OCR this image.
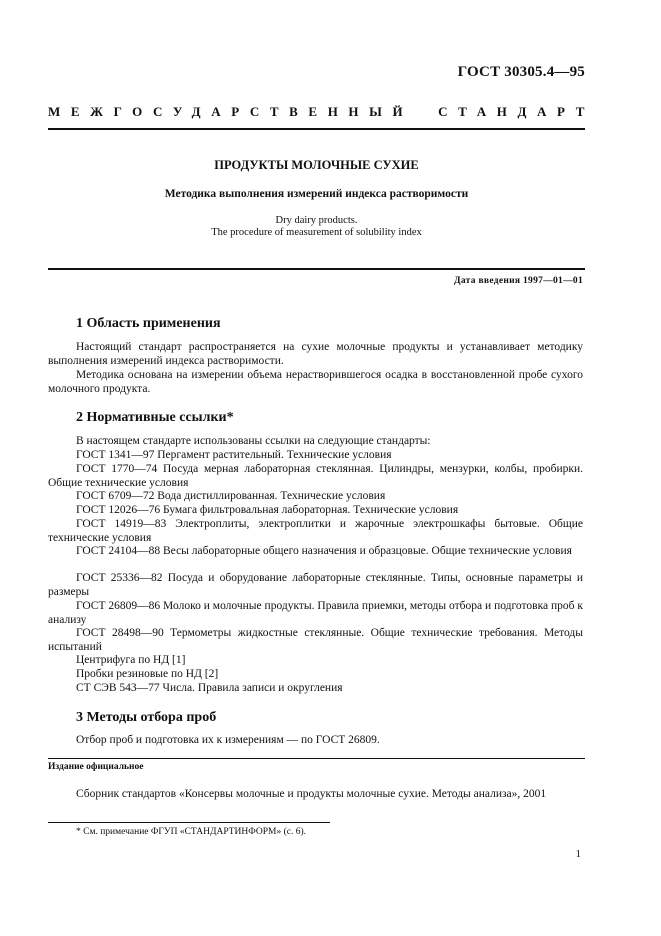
ГОСТ 30305.4—95
МЕЖГОСУДАРСТВЕННЫЙ СТАНДАРТ
ПРОДУКТЫ МОЛОЧНЫЕ СУХИЕ
Методика выполнения измерений индекса растворимости
Dry dairy products.
The procedure of measurement of solubility index
Дата введения 1997—01—01
1 Область применения
Настоящий стандарт распространяется на сухие молочные продукты и устанавливает методику выполнения измерений индекса растворимости.
Методика основана на измерении объема нерастворившегося осадка в восстановленной пробе сухого молочного продукта.
2 Нормативные ссылки*
В настоящем стандарте использованы ссылки на следующие стандарты:
ГОСТ 1341—97 Пергамент растительный. Технические условия
ГОСТ 1770—74 Посуда мерная лабораторная стеклянная. Цилиндры, мензурки, колбы, пробирки. Общие технические условия
ГОСТ 6709—72 Вода дистиллированная. Технические условия
ГОСТ 12026—76 Бумага фильтровальная лабораторная. Технические условия
ГОСТ 14919—83 Электроплиты, электроплитки и жарочные электрошкафы бытовые. Общие технические условия
ГОСТ 24104—88 Весы лабораторные общего назначения и образцовые. Общие технические условия
ГОСТ 25336—82 Посуда и оборудование лабораторные стеклянные. Типы, основные параметры и размеры
ГОСТ 26809—86 Молоко и молочные продукты. Правила приемки, методы отбора и подготовка проб к анализу
ГОСТ 28498—90 Термометры жидкостные стеклянные. Общие технические требования. Методы испытаний
Центрифуга по НД [1]
Пробки резиновые по НД [2]
СТ СЭВ 543—77 Числа. Правила записи и округления
3 Методы отбора проб
Отбор проб и подготовка их к измерениям — по ГОСТ 26809.
Издание официальное
Сборник стандартов «Консервы молочные и продукты молочные сухие. Методы анализа», 2001
* См. примечание ФГУП «СТАНДАРТИНФОРМ» (с. 6).
1
